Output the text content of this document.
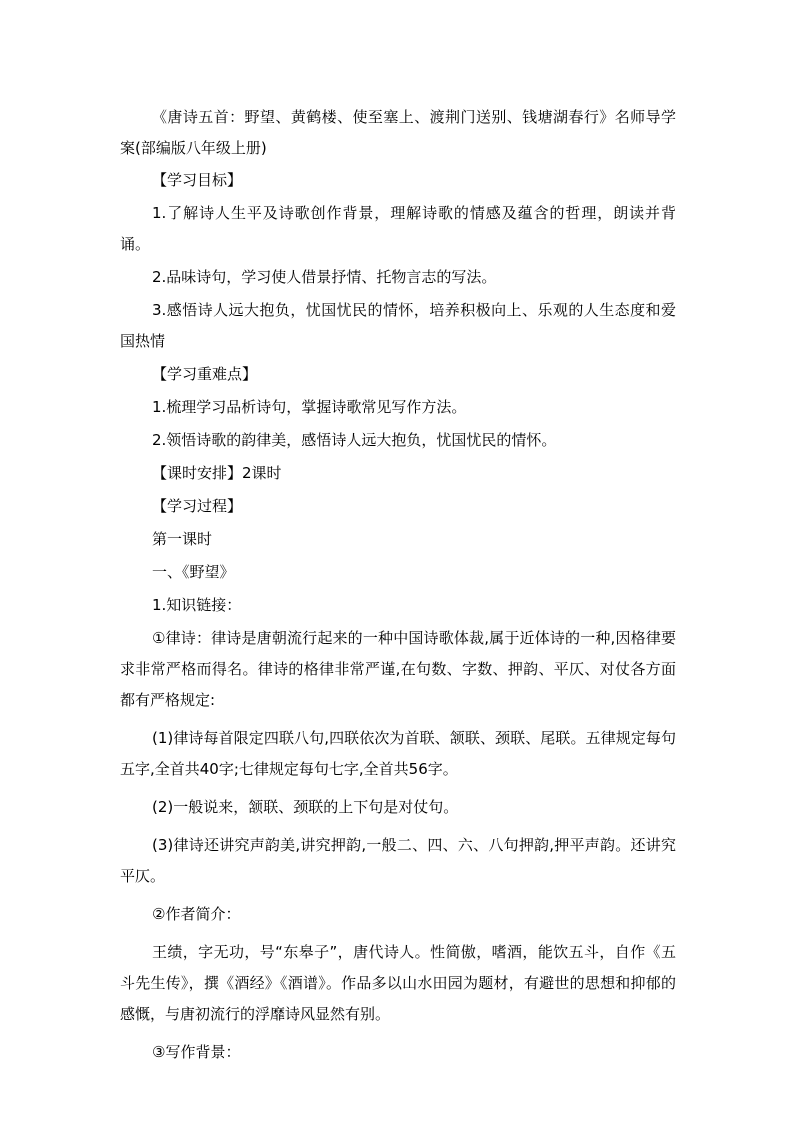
《唐诗五首：野望、黄鹤楼、使至塞上、渡荆门送别、钱塘湖春行》名师导学案(部编版八年级上册)

【学习目标】

1.了解诗人生平及诗歌创作背景，理解诗歌的情感及蕴含的哲理，朗读并背诵。

2.品味诗句，学习使人借景抒情、托物言志的写法。

3.感悟诗人远大抱负，忧国忧民的情怀，培养积极向上、乐观的人生态度和爱国热情

【学习重难点】

1.梳理学习品析诗句，掌握诗歌常见写作方法。

2.领悟诗歌的韵律美，感悟诗人远大抱负，忧国忧民的情怀。

【课时安排】2课时

【学习过程】

第一课时

一、《野望》

1.知识链接：

①律诗：律诗是唐朝流行起来的一种中国诗歌体裁,属于近体诗的一种,因格律要求非常严格而得名。律诗的格律非常严谨,在句数、字数、押韵、平仄、对仗各方面都有严格规定:

(1)律诗每首限定四联八句,四联依次为首联、颔联、颈联、尾联。五律规定每句五字,全首共40字;七律规定每句七字,全首共56字。

(2)一般说来，颔联、颈联的上下句是对仗句。

(3)律诗还讲究声韵美,讲究押韵,一般二、四、六、八句押韵,押平声韵。还讲究平仄。

②作者简介：

王绩，字无功，号“东皋子”，唐代诗人。性简傲，嗜酒，能饮五斗，自作《五斗先生传》，撰《酒经》《酒谱》。作品多以山水田园为题材，有避世的思想和抑郁的感慨，与唐初流行的浮靡诗风显然有别。

③写作背景：
